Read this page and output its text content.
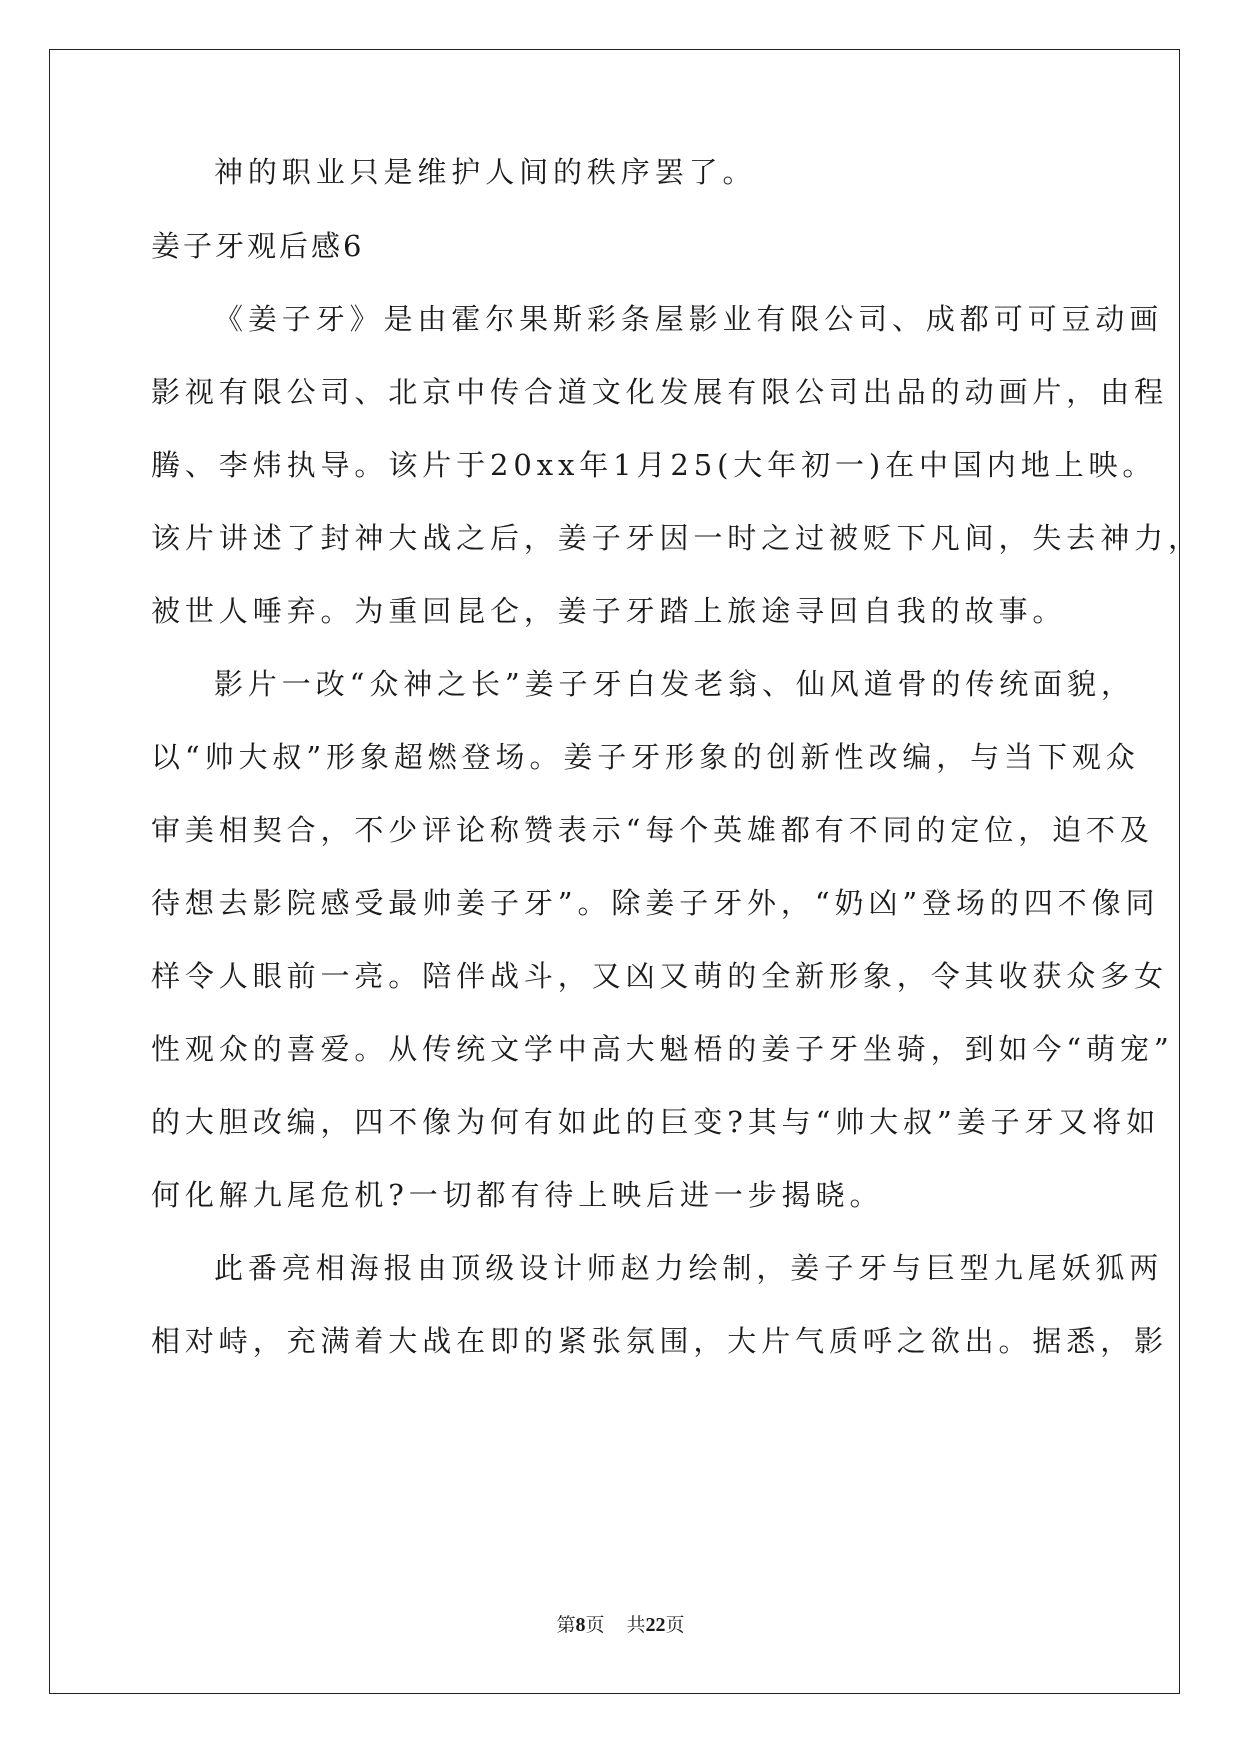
神的职业只是维护人间的秩序罢了。
姜子牙观后感6
《姜子牙》是由霍尔果斯彩条屋影业有限公司、成都可可豆动画
影视有限公司、北京中传合道文化发展有限公司出品的动画片，由程
腾、李炜执导。该片于20xx年1月25(大年初一)在中国内地上映。
该片讲述了封神大战之后，姜子牙因一时之过被贬下凡间，失去神力，
被世人唾弃。为重回昆仑，姜子牙踏上旅途寻回自我的故事。
影片一改“众神之长”姜子牙白发老翁、仙风道骨的传统面貌，
以“帅大叔”形象超燃登场。姜子牙形象的创新性改编，与当下观众
审美相契合，不少评论称赞表示“每个英雄都有不同的定位，迫不及
待想去影院感受最帅姜子牙”。除姜子牙外，“奶凶”登场的四不像同
样令人眼前一亮。陪伴战斗，又凶又萌的全新形象，令其收获众多女
性观众的喜爱。从传统文学中高大魁梧的姜子牙坐骑，到如今“萌宠”
的大胆改编，四不像为何有如此的巨变?其与“帅大叔”姜子牙又将如
何化解九尾危机?一切都有待上映后进一步揭晓。
此番亮相海报由顶级设计师赵力绘制，姜子牙与巨型九尾妖狐两
相对峙，充满着大战在即的紧张氛围，大片气质呼之欲出。据悉，影
第8页 共22页
